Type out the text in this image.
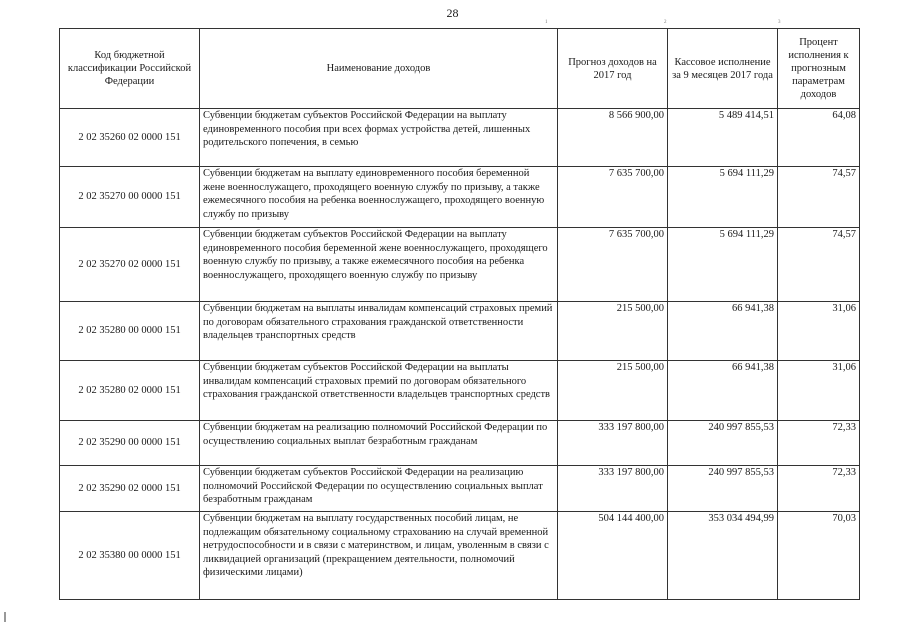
28
1	2	3
Код бюджетной классификации Российской Федерации	Наименование доходов	Прогноз доходов на 2017 год	Кассовое исполнение за 9 месяцев 2017 года	Процент исполнения к прогнозным параметрам доходов
2 02 35260 02 0000 151	Субвенции бюджетам субъектов Российской Федерации на выплату единовременного пособия при всех формах устройства детей, лишенных родительского попечения, в семью	8 566 900,00	5 489 414,51	64,08
2 02 35270 00 0000 151	Субвенции бюджетам на выплату единовременного пособия беременной жене военнослужащего, проходящего военную службу по призыву, а также ежемесячного пособия на ребенка военнослужащего, проходящего военную службу по призыву	7 635 700,00	5 694 111,29	74,57
2 02 35270 02 0000 151	Субвенции бюджетам субъектов Российской Федерации на выплату единовременного пособия беременной жене военнослужащего, проходящего военную службу по призыву, а также ежемесячного пособия на ребенка военнослужащего, проходящего военную службу по призыву	7 635 700,00	5 694 111,29	74,57
2 02 35280 00 0000 151	Субвенции бюджетам на выплаты инвалидам компенсаций страховых премий по договорам обязательного страхования гражданской ответственности владельцев транспортных средств	215 500,00	66 941,38	31,06
2 02 35280 02 0000 151	Субвенции бюджетам субъектов Российской Федерации на выплаты инвалидам компенсаций страховых премий по договорам обязательного страхования гражданской ответственности владельцев транспортных средств	215 500,00	66 941,38	31,06
2 02 35290 00 0000 151	Субвенции бюджетам на реализацию полномочий Российской Федерации по осуществлению социальных выплат безработным гражданам	333 197 800,00	240 997 855,53	72,33
2 02 35290 02 0000 151	Субвенции бюджетам субъектов Российской Федерации на реализацию полномочий Российской Федерации по осуществлению социальных выплат безработным гражданам	333 197 800,00	240 997 855,53	72,33
2 02 35380 00 0000 151	Субвенции бюджетам на выплату государственных пособий лицам, не подлежащим обязательному социальному страхованию на случай временной нетрудоспособности и в связи с материнством, и лицам, уволенным в связи с ликвидацией организаций (прекращением деятельности, полномочий физическими лицами)	504 144 400,00	353 034 494,99	70,03
